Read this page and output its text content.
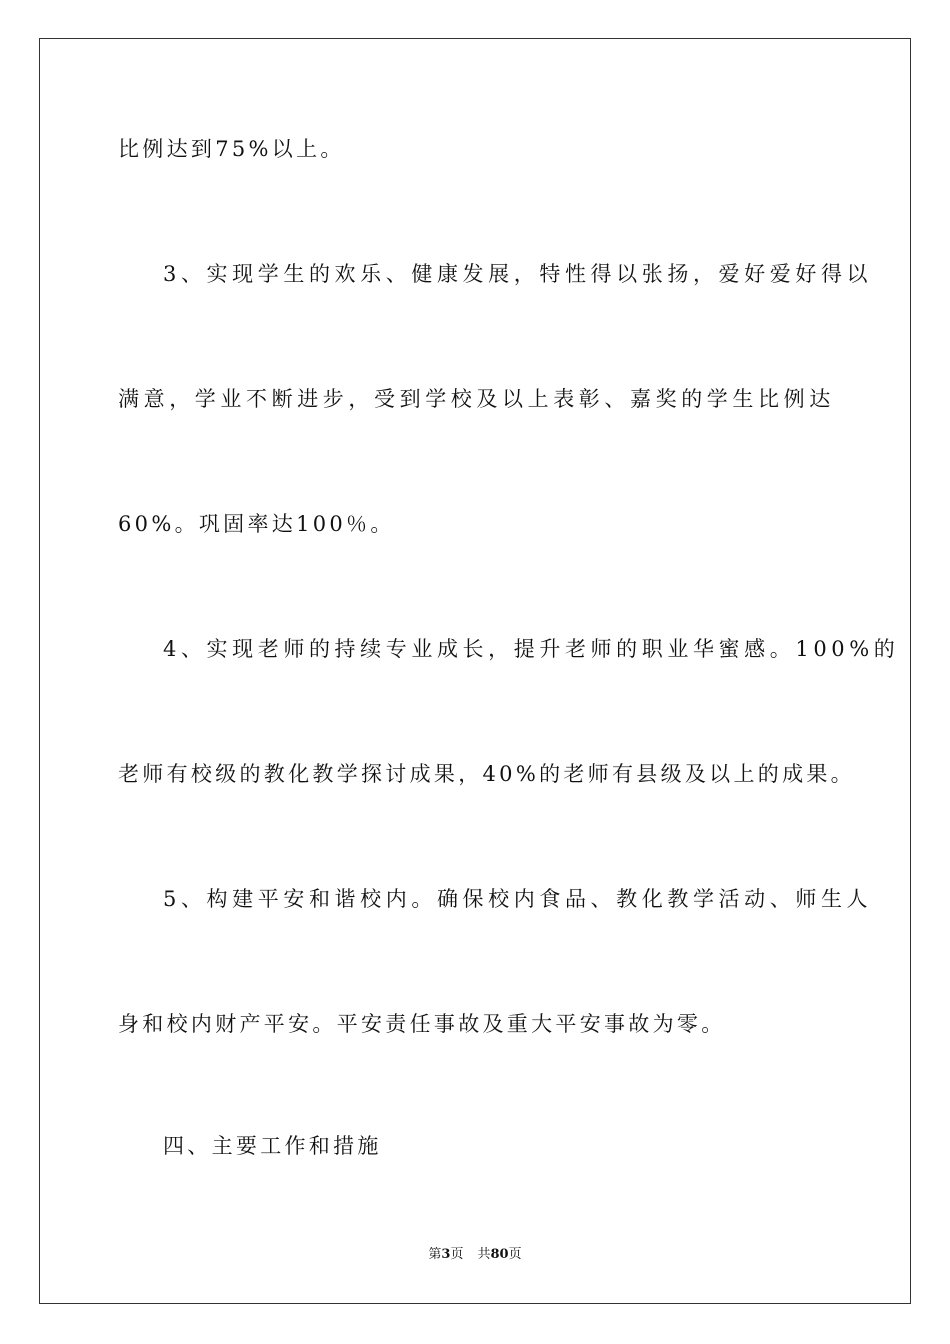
比例达到75%以上。
3、实现学生的欢乐、健康发展，特性得以张扬，爱好爱好得以
满意，学业不断进步，受到学校及以上表彰、嘉奖的学生比例达
60%。巩固率达100％。
4、实现老师的持续专业成长，提升老师的职业华蜜感。100%的
老师有校级的教化教学探讨成果，40%的老师有县级及以上的成果。
5、构建平安和谐校内。确保校内食品、教化教学活动、师生人
身和校内财产平安。平安责任事故及重大平安事故为零。
四、主要工作和措施
第3页 共80页
